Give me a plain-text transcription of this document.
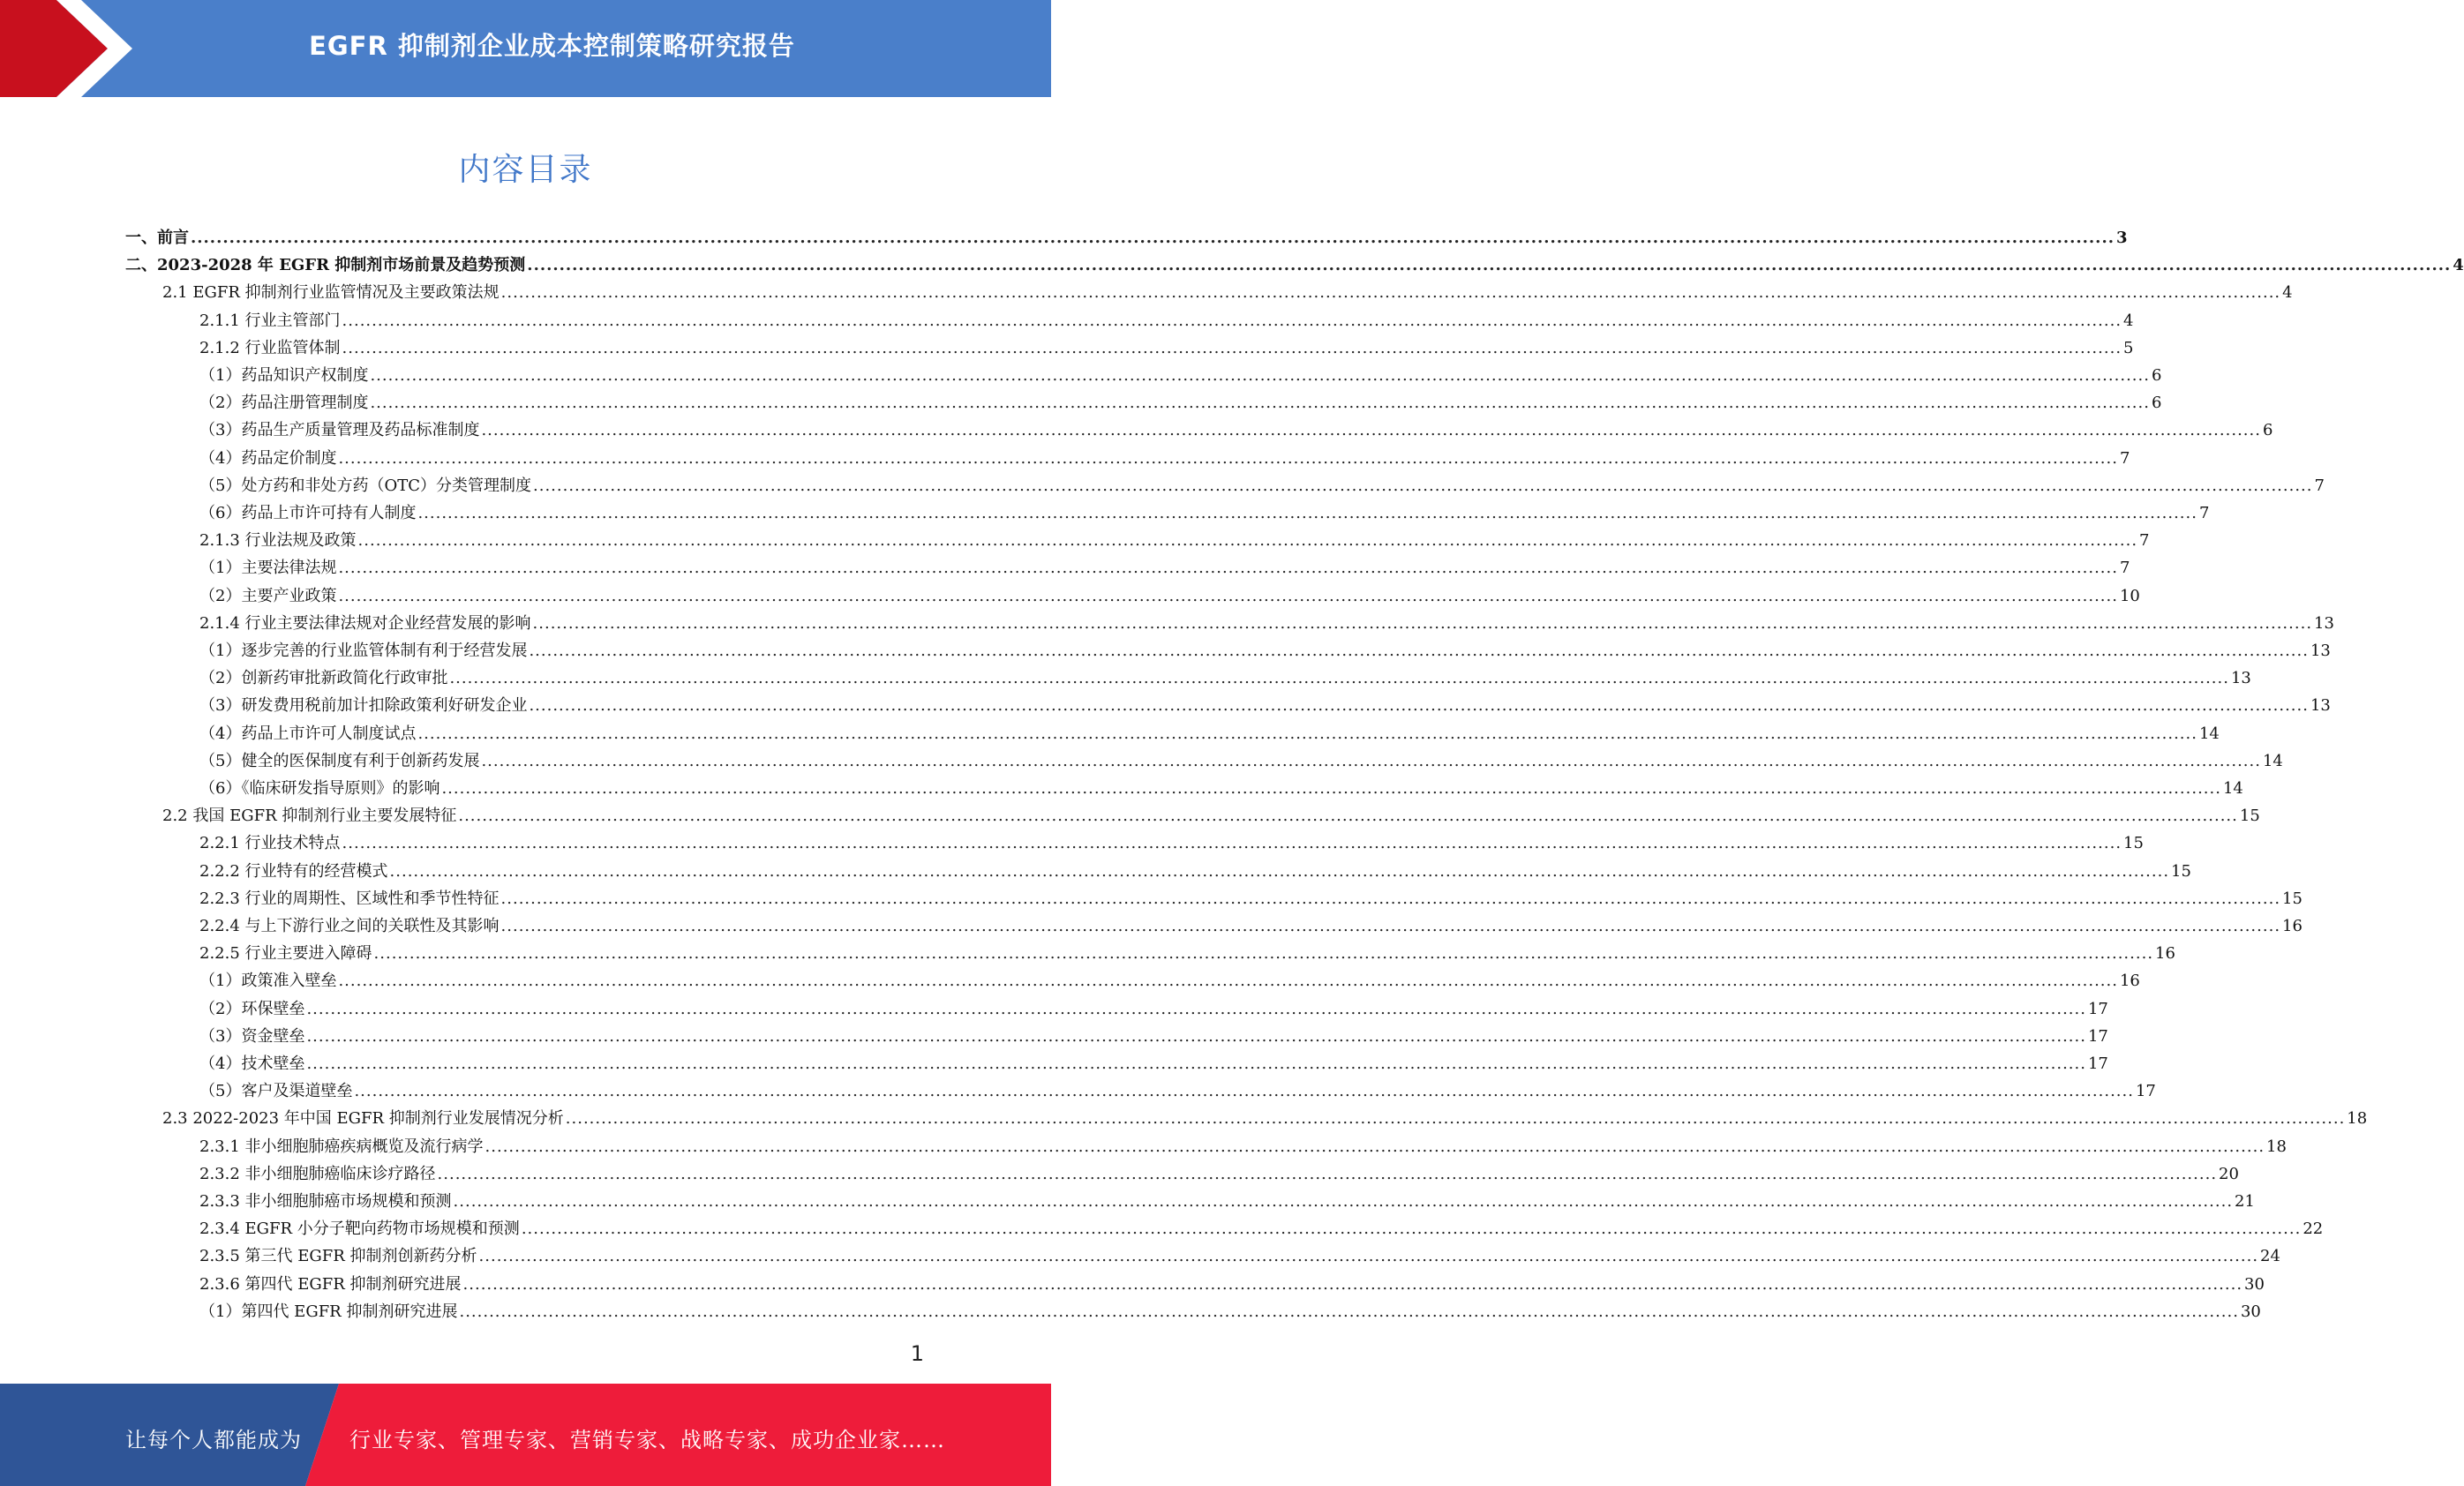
EGFR 抑制剂企业成本控制策略研究报告
内容目录
一、前言 ............................................................................................................................................................................................................................................................................................................ 3
二、2023-2028 年 EGFR 抑制剂市场前景及趋势预测 ............................................................................................................................................................................................................................................................................................................ 4
2.1 EGFR 抑制剂行业监管情况及主要政策法规 ............................................................................................................................................................................................................................................................................................................ 4
2.1.1 行业主管部门 ............................................................................................................................................................................................................................................................................................................ 4
2.1.2 行业监管体制 ............................................................................................................................................................................................................................................................................................................ 5
（1）药品知识产权制度 ............................................................................................................................................................................................................................................................................................................ 6
（2）药品注册管理制度 ............................................................................................................................................................................................................................................................................................................ 6
（3）药品生产质量管理及药品标准制度 ............................................................................................................................................................................................................................................................................................................ 6
（4）药品定价制度 ............................................................................................................................................................................................................................................................................................................ 7
（5）处方药和非处方药（OTC）分类管理制度 ............................................................................................................................................................................................................................................................................................................ 7
（6）药品上市许可持有人制度 ............................................................................................................................................................................................................................................................................................................ 7
2.1.3 行业法规及政策 ............................................................................................................................................................................................................................................................................................................ 7
（1）主要法律法规 ............................................................................................................................................................................................................................................................................................................ 7
（2）主要产业政策 ............................................................................................................................................................................................................................................................................................................ 10
2.1.4 行业主要法律法规对企业经营发展的影响 ............................................................................................................................................................................................................................................................................................................ 13
（1）逐步完善的行业监管体制有利于经营发展 ............................................................................................................................................................................................................................................................................................................ 13
（2）创新药审批新政简化行政审批 ............................................................................................................................................................................................................................................................................................................ 13
（3）研发费用税前加计扣除政策利好研发企业 ............................................................................................................................................................................................................................................................................................................ 13
（4）药品上市许可人制度试点 ............................................................................................................................................................................................................................................................................................................ 14
（5）健全的医保制度有利于创新药发展 ............................................................................................................................................................................................................................................................................................................ 14
（6）《临床研发指导原则》的影响 ............................................................................................................................................................................................................................................................................................................ 14
2.2 我国 EGFR 抑制剂行业主要发展特征 ............................................................................................................................................................................................................................................................................................................ 15
2.2.1 行业技术特点 ............................................................................................................................................................................................................................................................................................................ 15
2.2.2 行业特有的经营模式 ............................................................................................................................................................................................................................................................................................................ 15
2.2.3 行业的周期性、区域性和季节性特征 ............................................................................................................................................................................................................................................................................................................ 15
2.2.4 与上下游行业之间的关联性及其影响 ............................................................................................................................................................................................................................................................................................................ 16
2.2.5 行业主要进入障碍 ............................................................................................................................................................................................................................................................................................................ 16
（1）政策准入壁垒 ............................................................................................................................................................................................................................................................................................................ 16
（2）环保壁垒 ............................................................................................................................................................................................................................................................................................................ 17
（3）资金壁垒 ............................................................................................................................................................................................................................................................................................................ 17
（4）技术壁垒 ............................................................................................................................................................................................................................................................................................................ 17
（5）客户及渠道壁垒 ............................................................................................................................................................................................................................................................................................................ 17
2.3 2022-2023 年中国 EGFR 抑制剂行业发展情况分析 ............................................................................................................................................................................................................................................................................................................ 18
2.3.1 非小细胞肺癌疾病概览及流行病学 ............................................................................................................................................................................................................................................................................................................ 18
2.3.2 非小细胞肺癌临床诊疗路径 ............................................................................................................................................................................................................................................................................................................ 20
2.3.3 非小细胞肺癌市场规模和预测 ............................................................................................................................................................................................................................................................................................................ 21
2.3.4 EGFR 小分子靶向药物市场规模和预测 ............................................................................................................................................................................................................................................................................................................ 22
2.3.5 第三代 EGFR 抑制剂创新药分析 ............................................................................................................................................................................................................................................................................................................ 24
2.3.6 第四代 EGFR 抑制剂研究进展 ............................................................................................................................................................................................................................................................................................................ 30
（1）第四代 EGFR 抑制剂研究进展 ............................................................................................................................................................................................................................................................................................................ 30
1
让每个人都能成为 行业专家、管理专家、营销专家、战略专家、成功企业家……
